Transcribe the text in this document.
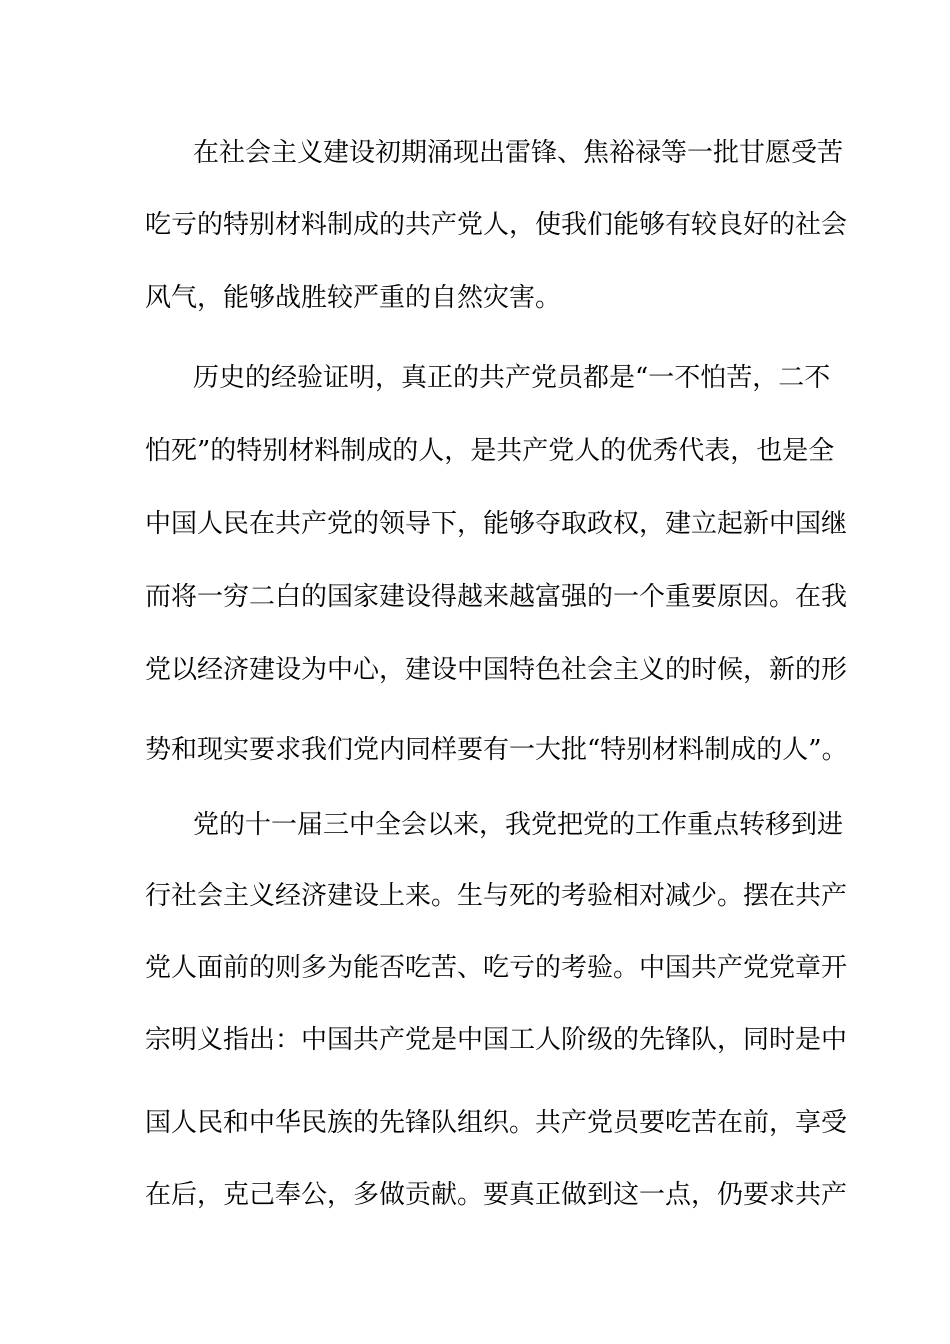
在社会主义建设初期涌现出雷锋、焦裕禄等一批甘愿受苦
吃亏的特别材料制成的共产党人，使我们能够有较良好的社会
风气，能够战胜较严重的自然灾害。
历史的经验证明，真正的共产党员都是“一不怕苦，二不
怕死”的特别材料制成的人，是共产党人的优秀代表，也是全
中国人民在共产党的领导下，能够夺取政权，建立起新中国继
而将一穷二白的国家建设得越来越富强的一个重要原因。在我
党以经济建设为中心，建设中国特色社会主义的时候，新的形
势和现实要求我们党内同样要有一大批“特别材料制成的人”。
党的十一届三中全会以来，我党把党的工作重点转移到进
行社会主义经济建设上来。生与死的考验相对减少。摆在共产
党人面前的则多为能否吃苦、吃亏的考验。中国共产党党章开
宗明义指出：中国共产党是中国工人阶级的先锋队，同时是中
国人民和中华民族的先锋队组织。共产党员要吃苦在前，享受
在后，克己奉公，多做贡献。要真正做到这一点，仍要求共产
